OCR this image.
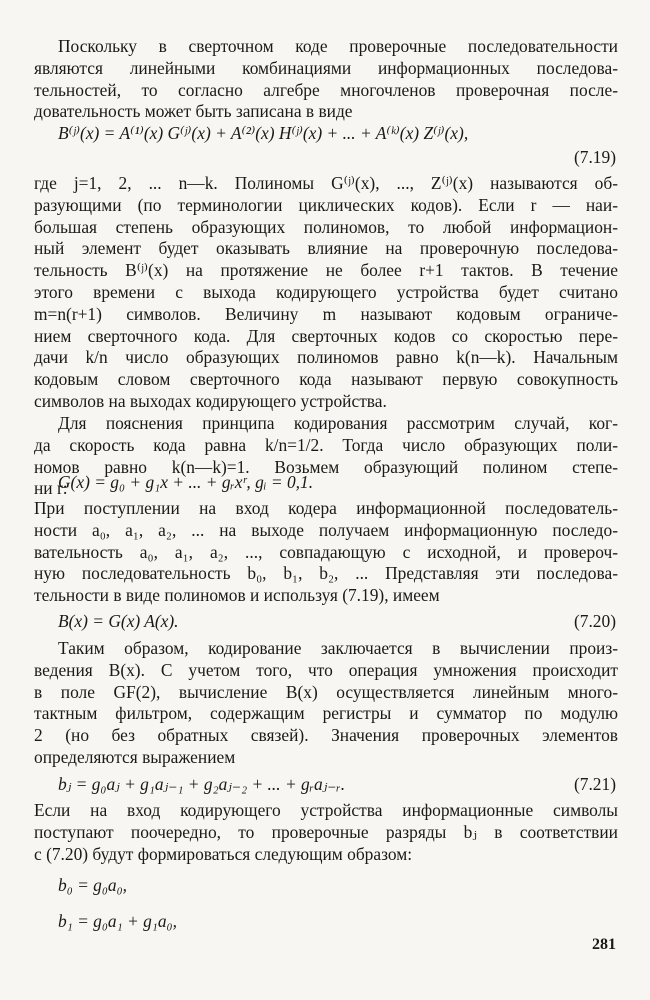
Поскольку в сверточном коде проверочные последовательности
являются линейными комбинациями информационных последова-
тельностей, то согласно алгебре многочленов проверочная после-
довательность может быть записана в виде
B⁽ʲ⁾(x) = A⁽¹⁾(x) G⁽ʲ⁾(x) + A⁽²⁾(x) H⁽ʲ⁾(x) + ... + A⁽ᵏ⁾(x) Z⁽ʲ⁾(x),
(7.19)
где j=1, 2, ... n—k. Полиномы G⁽ʲ⁾(x), ..., Z⁽ʲ⁾(x) называются об-
разующими (по терминологии циклических кодов). Если r — наи-
большая степень образующих полиномов, то любой информацион-
ный элемент будет оказывать влияние на проверочную последова-
тельность B⁽ʲ⁾(x) на протяжение не более r+1 тактов. В течение
этого времени с выхода кодирующего устройства будет считано
m=n(r+1) символов. Величину m называют кодовым ограниче-
нием сверточного кода. Для сверточных кодов со скоростью пере-
дачи k/n число образующих полиномов равно k(n—k). Начальным
кодовым словом сверточного кода называют первую совокупность
символов на выходах кодирующего устройства.
Для пояснения принципа кодирования рассмотрим случай, ког-
да скорость кода равна k/n=1/2. Тогда число образующих поли-
номов равно k(n—k)=1. Возьмем образующий полином степе-
ни r:
G(x) = g₀ + g₁x + ... + gᵣxʳ, gᵢ = 0,1.
При поступлении на вход кодера информационной последователь-
ности a₀, a₁, a₂, ... на выходе получаем информационную последо-
вательность a₀, a₁, a₂, ..., совпадающую с исходной, и провероч-
ную последовательность b₀, b₁, b₂, ... Представляя эти последова-
тельности в виде полиномов и используя (7.19), имеем
B(x) = G(x) A(x).	(7.20)
Таким образом, кодирование заключается в вычислении произ-
ведения B(x). С учетом того, что операция умножения происходит
в поле GF(2), вычисление B(x) осуществляется линейным много-
тактным фильтром, содержащим регистры и сумматор по модулю
2 (но без обратных связей). Значения проверочных элементов
определяются выражением
bⱼ = g₀aⱼ + g₁aⱼ₋₁ + g₂aⱼ₋₂ + ... + gᵣaⱼ₋ᵣ.	(7.21)
Если на вход кодирующего устройства информационные символы
поступают поочередно, то проверочные разряды bⱼ в соответствии
с (7.20) будут формироваться следующим образом:
b₀ = g₀a₀,
b₁ = g₀a₁ + g₁a₀,
281
